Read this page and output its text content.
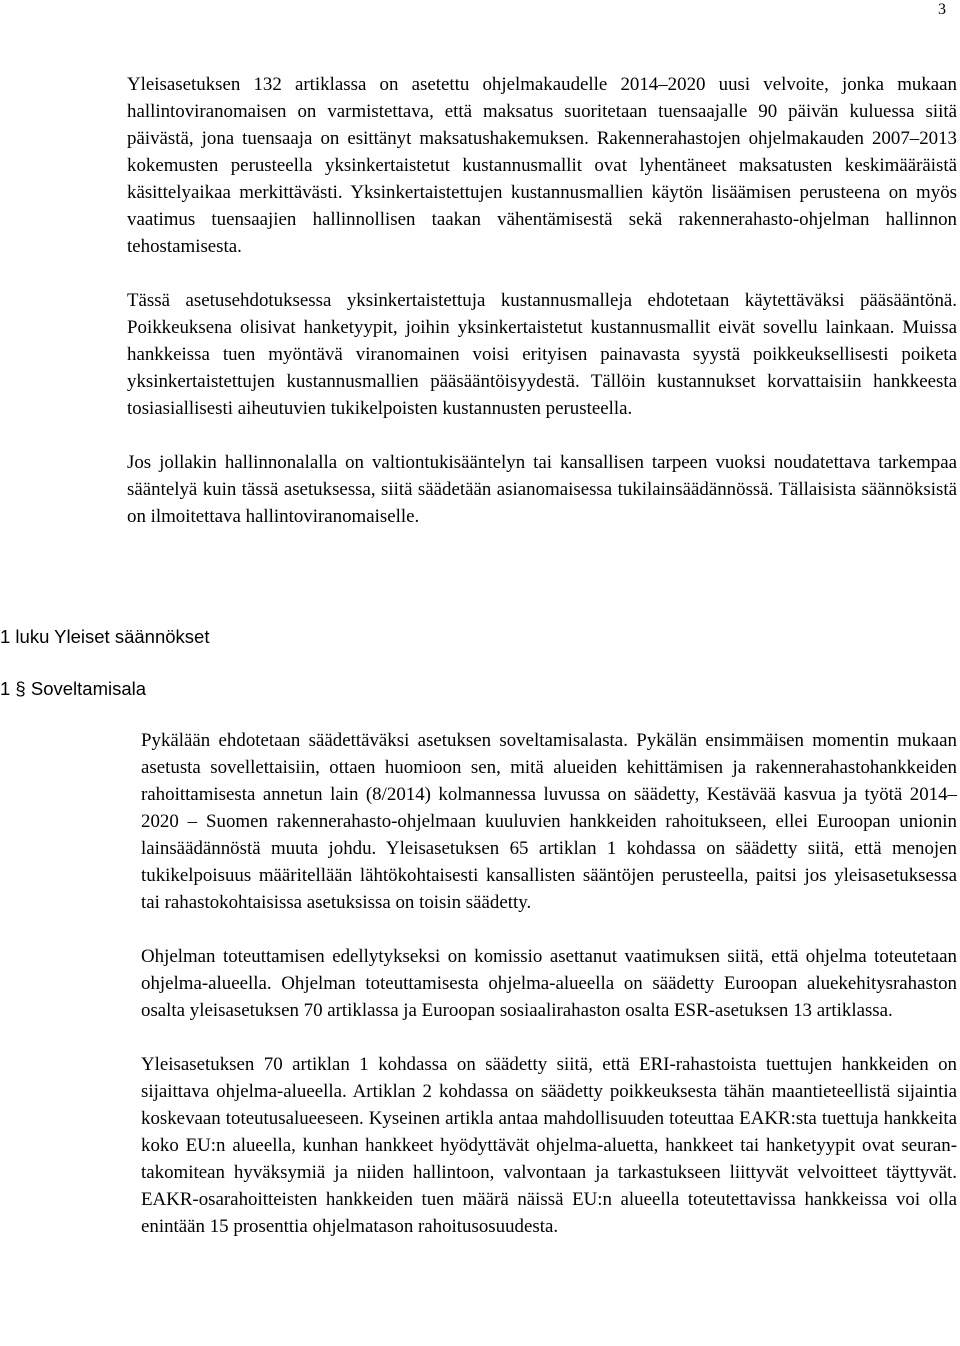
3

Yleisasetuksen 132 artiklassa on asetettu ohjelmakaudelle 2014–2020 uusi velvoite, jonka mukaan hallintoviranomaisen on varmistettava, että maksatus suoritetaan tuensaajalle 90 päivän kuluessa siitä päivästä, jona tuensaaja on esittänyt maksatushakemuksen. Rakennerahastojen ohjelmakauden 2007–2013 kokemusten perusteella yksinkertaistetut kustannusmallit ovat lyhentäneet maksatusten keskimääräistä käsittelyaikaa merkittävästi. Yksinkertaistettujen kustannusmallien käytön lisäämisen perusteena on myös vaatimus tuensaajien hallinnollisen taakan vähentämisestä sekä rakennerahasto-ohjelman hallinnon tehostamisesta.

Tässä asetusehdotuksessa yksinkertaistettuja kustannusmalleja ehdotetaan käytettäväksi pääsääntönä. Poikkeuksena olisivat hanketyypit, joihin yksinkertaistetut kustannusmallit eivät sovellu lainkaan. Muissa hankkeissa tuen myöntävä viranomainen voisi erityisen painavasta syystä poikkeuksellisesti poiketa yksinkertaistettujen kustannusmallien pääsääntöisyydestä. Tällöin kustannukset korvattaisiin hankkeesta tosiasiallisesti aiheutuvien tukikelpoisten kustannusten perusteella.

Jos jollakin hallinnonalalla on valtiontukisääntelyn tai kansallisen tarpeen vuoksi noudatettava tarkempaa sääntelyä kuin tässä asetuksessa, siitä säädetään asianomaisessa tukilainsäädännössä. Tällaisista säännöksistä on ilmoitettava hallintoviranomaiselle.

1 luku Yleiset säännökset
1 § Soveltamisala

Pykälään ehdotetaan säädettäväksi asetuksen soveltamisalasta. Pykälän ensimmäisen momentin mukaan asetusta sovellettaisiin, ottaen huomioon sen, mitä alueiden kehittämisen ja rakennerahastohankkeiden rahoittamisesta annetun lain (8/2014) kolmannessa luvussa on säädetty, Kestävää kasvua ja työtä 2014–2020 – Suomen rakennerahasto-ohjelmaan kuuluvien hankkeiden rahoitukseen, ellei Euroopan unionin lainsäädännöstä muuta johdu. Yleisasetuksen 65 artiklan 1 kohdassa on säädetty siitä, että menojen tukikelpoisuus määritellään lähtökohtaisesti kansallisten sääntöjen perusteella, paitsi jos yleisasetuksessa tai rahastokohtaisissa asetuksissa on toisin säädetty.

Ohjelman toteuttamisen edellytykseksi on komissio asettanut vaatimuksen siitä, että ohjelma toteutetaan ohjelma-alueella. Ohjelman toteuttamisesta ohjelma-alueella on säädetty Euroopan aluekehitysrahaston osalta yleisasetuksen 70 artiklassa ja Euroopan sosiaalirahaston osalta ESR-asetuksen 13 artiklassa.

Yleisasetuksen 70 artiklan 1 kohdassa on säädetty siitä, että ERI-rahastoista tuettujen hankkeiden on sijaittava ohjelma-alueella. Artiklan 2 kohdassa on säädetty poikkeuksesta tähän maantieteellistä sijaintia koskevaan toteutusalueeseen. Kyseinen artikla antaa mahdollisuuden toteuttaa EAKR:sta tuettuja hankkeita koko EU:n alueella, kunhan hankkeet hyödyttävät ohjelma-aluetta, hankkeet tai hanketyypit ovat seurantakomitean hyväksymiä ja niiden hallintoon, valvontaan ja tarkastukseen liittyvät velvoitteet täyttyvät. EAKR-osarahoitteisten hankkeiden tuen määrä näissä EU:n alueella toteutettavissa hankkeissa voi olla enintään 15 prosenttia ohjelmatason rahoitusosuudesta.
